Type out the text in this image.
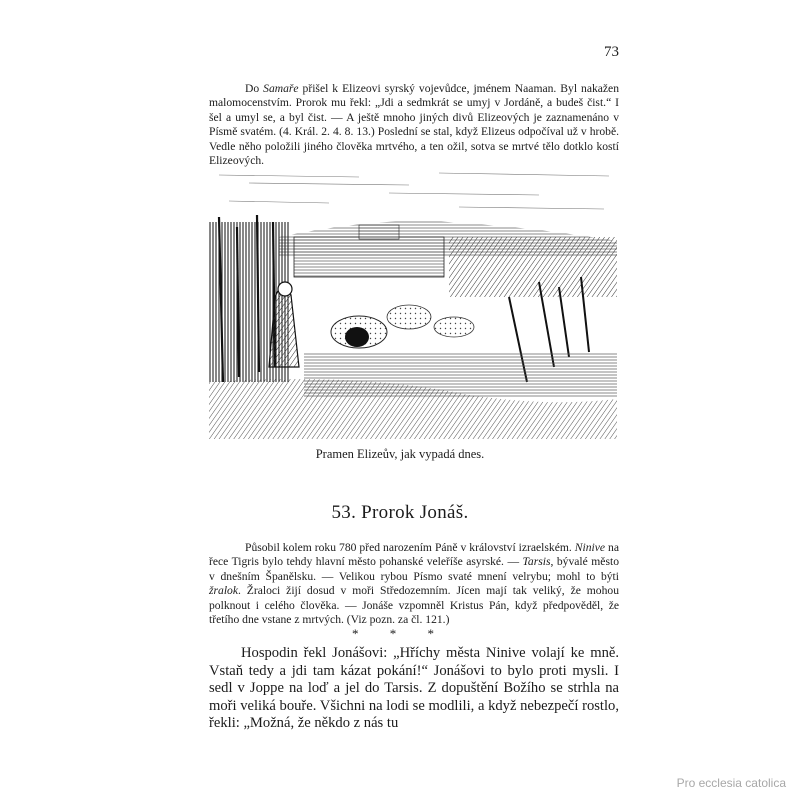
73

Do Samaře přišel k Elizeovi syrský vojevůdce, jménem Naaman. Byl nakažen malomocenstvím. Prorok mu řekl: „Jdi a sedmkrát se umyj v Jordáně, a budeš čist.“ I šel a umyl se, a byl čist. — A ještě mnoho jiných divů Elizeových je zaznamenáno v Písmě svatém. (4. Král. 2. 4. 8. 13.) Poslední se stal, když Elizeus odpočíval už v hrobě. Vedle něho položili jiného člověka mrtvého, a ten ožil, sotva se mrtvé tělo dotklo kostí Elizeových.

Pramen Elizeův, jak vypadá dnes.
53. Prorok Jonáš.

Působil kolem roku 780 před narozením Páně v království izraelském. Ninive na řece Tigris bylo tehdy hlavní město pohanské veleříše asyrské. — Tarsis, bývalé město v dnešním Španělsku. — Velikou rybou Písmo svaté mnení velrybu; mohl to býti žralok. Žraloci žijí dosud v moři Středozemním. Jícen mají tak veliký, že mohou polknout i celého člověka. — Jonáše vzpomněl Kristus Pán, když předpověděl, že třetího dne vstane z mrtvých. (Viz pozn. za čl. 121.)

* * *

Hospodin řekl Jonášovi: „Hříchy města Ninive volají ke mně. Vstaň tedy a jdi tam kázat pokání!“ Jonášovi to bylo proti mysli. I sedl v Joppe na loď a jel do Tarsis. Z dopuštění Božího se strhla na moři veliká bouře. Všichni na lodi se modlili, a když nebezpečí rostlo, řekli: „Možná, že někdo z nás tu

Pro ecclesia catolica
